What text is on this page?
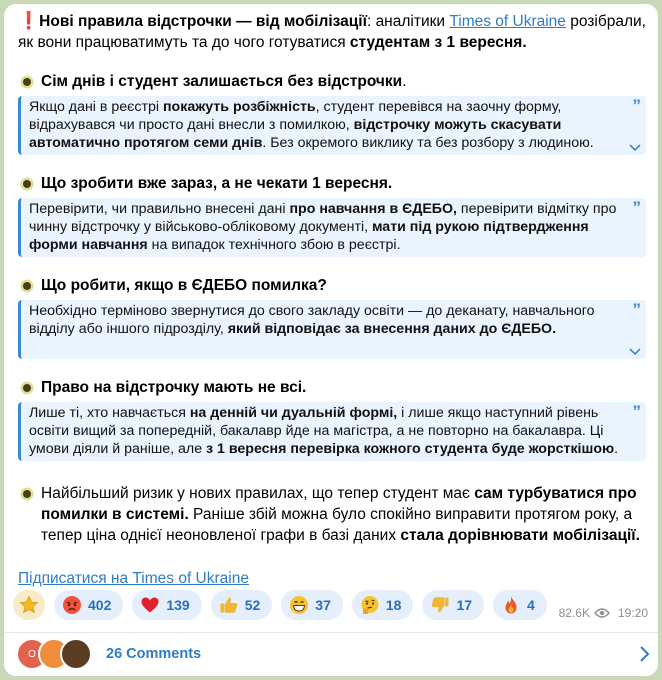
❗Нові правила відстрочки — від мобілізації: аналітики Times of Ukraine розібрали, як вони працюватимуть та до чого готуватися студентам з 1 вересня.

Сім днів і студент залишається без відстрочки.
Якщо дані в реєстрі покажуть розбіжність, студент перевівся на заочну форму, відрахувався чи просто дані внесли з помилкою, відстрочку можуть скасувати автоматично протягом семи днів. Без окремого виклику та без розбору з людиною.
”
Що зробити вже зараз, а не чекати 1 вересня.
Перевірити, чи правильно внесені дані про навчання в ЄДЕБО, перевірити відмітку про чинну відстрочку у військово-обліковому документі, мати під рукою підтвердження форми навчання на випадок технічного збою в реєстрі.
”
Що робити, якщо в ЄДЕБО помилка?
Необхідно терміново звернутися до свого закладу освіти — до деканату, навчального відділу або іншого підрозділу, який відповідає за внесення даних до ЄДЕБО.
”
Право на відстрочку мають не всі.
Лише ті, хто навчається на денній чи дуальній формі, і лише якщо наступний рівень освіти вищий за попередній, бакалавр йде на магістра, а не повторно на бакалавра. Ці умови діяли й раніше, але з 1 вересня перевірка кожного студента буде жорсткішою.
”

Найбільший ризик у нових правилах, що тепер студент має сам турбуватися про помилки в системі. Раніше збій можна було спокійно виправити протягом року, а тепер ціна однієї неоновленої графи в базі даних стала дорівнювати мобілізації.

Підписатися на Times of Ukraine

402	139	52	37	18	17	4 82.6K 19:20
O	26 Comments
